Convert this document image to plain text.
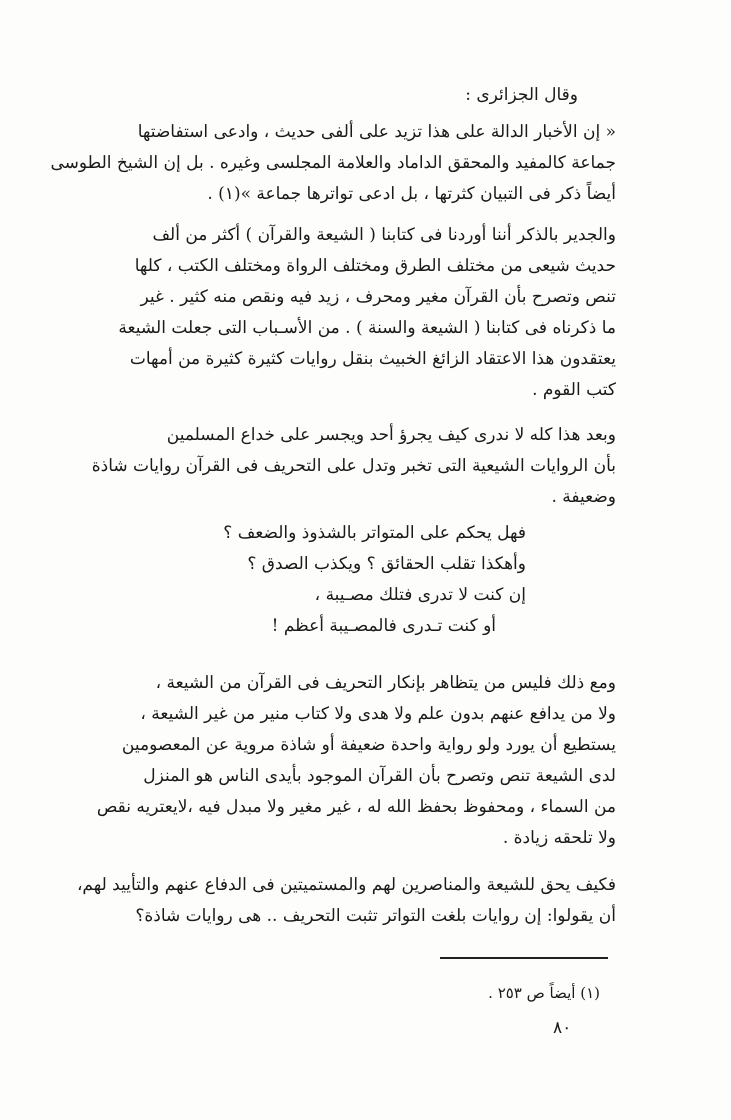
وقال الجزائرى :
« إن الأخبار الدالة على هذا تزيد على ألفى حديث ، وادعى استفاضتها
جماعة كالمفيد والمحقق الداماد والعلامة المجلسى وغيره . بل إن الشيخ الطوسى
أيضاً ذكر فى التبيان كثرتها ، بل ادعى تواترها جماعة »(١) .
والجدير بالذكر أننا أوردنا فى كتابنا ( الشيعة والقرآن ) أكثر من ألف
حديث شيعى من مختلف الطرق ومختلف الرواة ومختلف الكتب ، كلها
تنص وتصرح بأن القرآن مغير ومحرف ، زيد فيه ونقص منه كثير . غير
ما ذكرناه فى كتابنا ( الشيعة والسنة ) . من الأسـباب التى جعلت الشيعة
يعتقدون هذا الاعتقاد الزائغ الخبيث بنقل روايات كثيرة كثيرة من أمهات
كتب القوم .
وبعد هذا كله لا ندرى كيف يجرؤ أحد ويجسر على خداع المسلمين
بأن الروايات الشيعية التى تخبر وتدل على التحريف فى القرآن روايات شاذة
وضعيفة .
فهل يحكم على المتواتر بالشذوذ والضعف ؟
وأهكذا تقلب الحقائق ؟ ويكذب الصدق ؟
إن كنت لا تدرى فتلك مصـيبة ،
أو كنت تـدرى فالمصـيبة أعظم !
ومع ذلك فليس من يتظاهر بإنكار التحريف فى القرآن من الشيعة ،
ولا من يدافع عنهم بدون علم ولا هدى ولا كتاب منير من غير الشيعة ،
يستطيع أن يورد ولو رواية واحدة ضعيفة أو شاذة مروية عن المعصومين
لدى الشيعة تنص وتصرح بأن القرآن الموجود بأيدى الناس هو المنزل
من السماء ، ومحفوظ بحفظ الله له ، غير مغير ولا مبدل فيه ،لايعتريه نقص
ولا تلحقه زيادة .
فكيف يحق للشيعة والمناصرين لهم والمستميتين فى الدفاع عنهم والتأييد لهم،
أن يقولوا: إن روايات بلغت التواتر تثبت التحريف .. هى روايات شاذة؟
(١) أيضاً ص ٢٥٣ .
٨٠
